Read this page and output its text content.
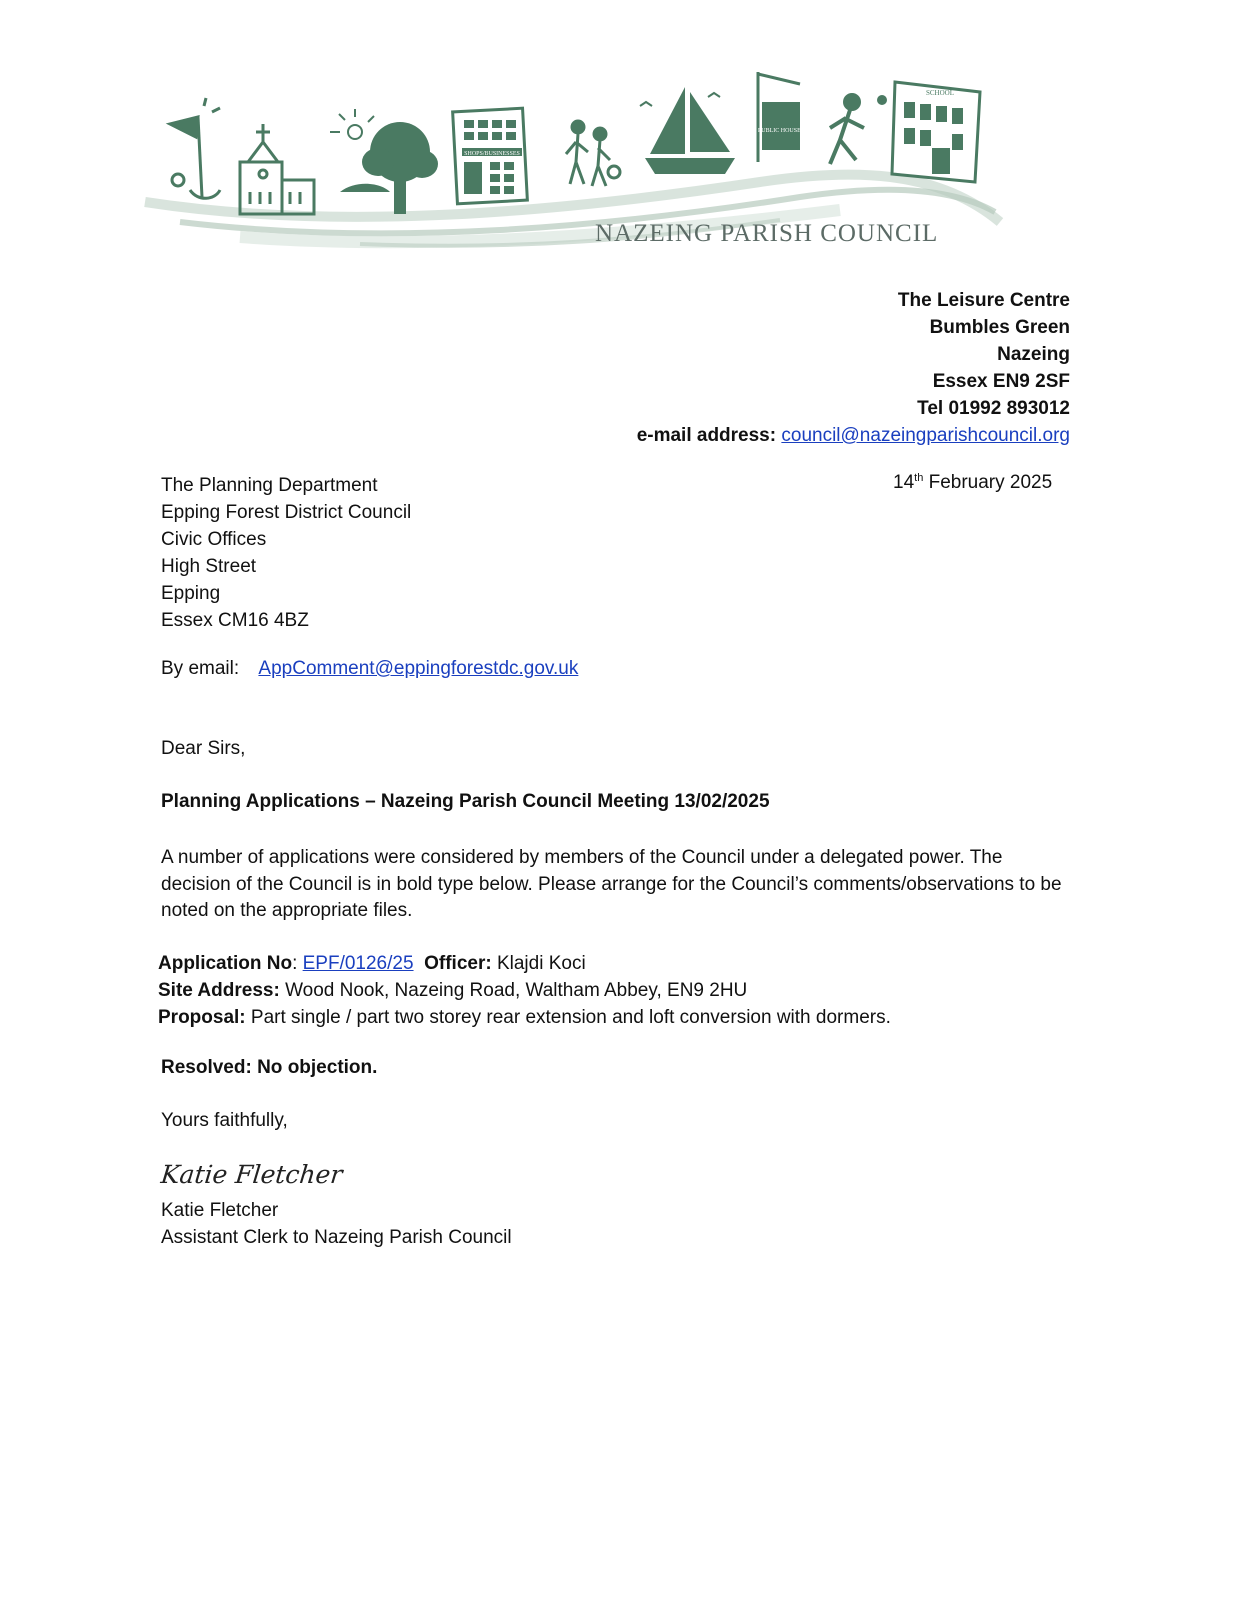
SHOPS/BUSINESSES
PUBLIC HOUSES
SCHOOL
NAZEING PARISH COUNCIL
The Leisure Centre
Bumbles Green
Nazeing
Essex EN9 2SF
Tel 01992 893012
e-mail address: council@nazeingparishcouncil.org
14th February 2025
The Planning Department
Epping Forest District Council
Civic Offices
High Street
Epping
Essex CM16 4BZ
By email: AppComment@eppingforestdc.gov.uk
Dear Sirs,
Planning Applications – Nazeing Parish Council Meeting 13/02/2025
A number of applications were considered by members of the Council under a delegated power. The decision of the Council is in bold type below. Please arrange for the Council’s comments/observations to be noted on the appropriate files.
Application No: EPF/0126/25 Officer: Klajdi Koci
Site Address: Wood Nook, Nazeing Road, Waltham Abbey, EN9 2HU
Proposal: Part single / part two storey rear extension and loft conversion with dormers.
Resolved: No objection.
Yours faithfully,
Katie Fletcher
Katie Fletcher
Assistant Clerk to Nazeing Parish Council
